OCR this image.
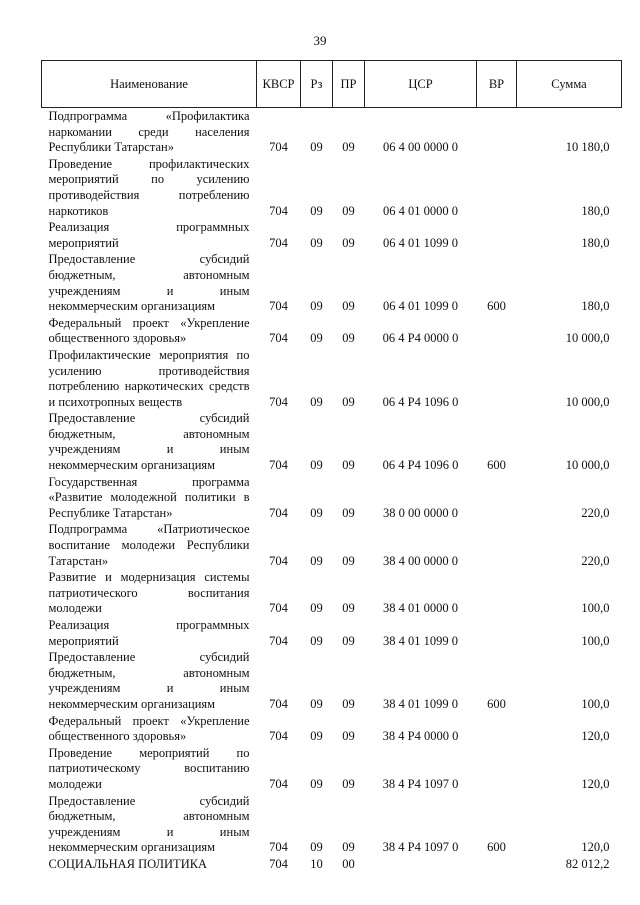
39
Наименование	КВСР	Рз	ПР	ЦСР	ВР	Сумма
Подпрограмма «Профилактика наркомании среди населения Республики Татарстан»	704	09	09	06 4 00 0000 0		10 180,0
Проведение профилактических мероприятий по усилению противодействия потреблению наркотиков	704	09	09	06 4 01 0000 0		180,0
Реализация программных мероприятий	704	09	09	06 4 01 1099 0		180,0
Предоставление субсидий бюджетным, автономным учреждениям и иным некоммерческим организациям	704	09	09	06 4 01 1099 0	600	180,0
Федеральный проект «Укрепление общественного здоровья»	704	09	09	06 4 P4 0000 0		10 000,0
Профилактические мероприятия по усилению противодействия потреблению наркотических средств и психотропных веществ	704	09	09	06 4 P4 1096 0		10 000,0
Предоставление субсидий бюджетным, автономным учреждениям и иным некоммерческим организациям	704	09	09	06 4 P4 1096 0	600	10 000,0
Государственная программа «Развитие молодежной политики в Республике Татарстан»	704	09	09	38 0 00 0000 0		220,0
Подпрограмма «Патриотическое воспитание молодежи Республики Татарстан»	704	09	09	38 4 00 0000 0		220,0
Развитие и модернизация системы патриотического воспитания молодежи	704	09	09	38 4 01 0000 0		100,0
Реализация программных мероприятий	704	09	09	38 4 01 1099 0		100,0
Предоставление субсидий бюджетным, автономным учреждениям и иным некоммерческим организациям	704	09	09	38 4 01 1099 0	600	100,0
Федеральный проект «Укрепление общественного здоровья»	704	09	09	38 4 P4 0000 0		120,0
Проведение мероприятий по патриотическому воспитанию молодежи	704	09	09	38 4 P4 1097 0		120,0
Предоставление субсидий бюджетным, автономным учреждениям и иным некоммерческим организациям	704	09	09	38 4 P4 1097 0	600	120,0
СОЦИАЛЬНАЯ ПОЛИТИКА	704	10	00			82 012,2
